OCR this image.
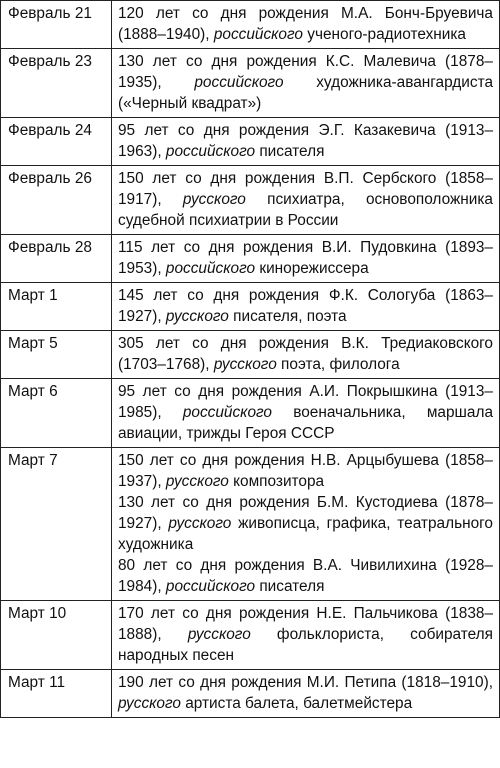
Февраль 21	120 лет со дня рождения М.А. Бонч-Бруевича (1888–1940), российского ученого-радиотехника

Февраль 23	130 лет со дня рождения К.С. Малевича (1878–1935), российского художника-авангардиста («Черный квадрат»)

Февраль 24	95 лет со дня рождения Э.Г. Казакевича (1913–1963), российского писателя

Февраль 26	150 лет со дня рождения В.П. Сербского (1858–1917), русского психиатра, основоположника судебной психиатрии в России

Февраль 28	115 лет со дня рождения В.И. Пудовкина (1893–1953), российского кинорежиссера

Март 1	145 лет со дня рождения Ф.К. Сологуба (1863–1927), русского писателя, поэта

Март 5	305 лет со дня рождения В.К. Тредиаковского (1703–1768), русского поэта, филолога

Март 6	95 лет со дня рождения А.И. Покрышкина (1913–1985), российского военачальника, маршала авиации, трижды Героя СССР

Март 7	150 лет со дня рождения Н.В. Арцыбушева (1858–1937), русского композитора
130 лет со дня рождения Б.М. Кустодиева (1878–1927), русского живописца, графика, театрального художника
80 лет со дня рождения В.А. Чивилихина (1928–1984), российского писателя

Март 10	170 лет со дня рождения Н.Е. Пальчикова (1838–1888), русского фольклориста, собирателя народных песен

Март 11	190 лет со дня рождения М.И. Петипа (1818–1910), русского артиста балета, балетмейстера
